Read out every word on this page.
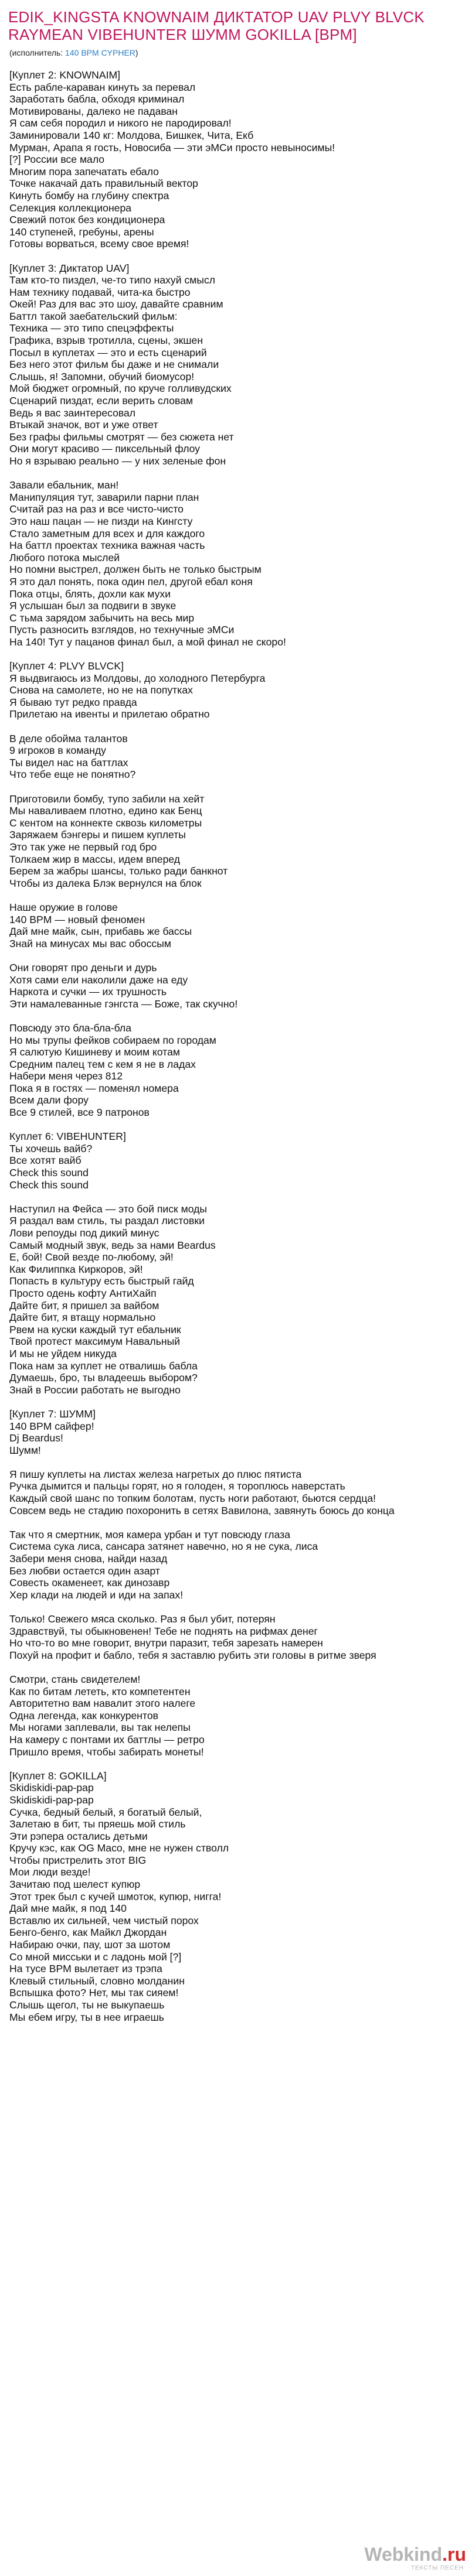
EDIK_KINGSTA KNOWNAIM ДИКТАТОР UAV PLVY BLVCK RAYMEAN VIBEHUNTER ШУММ GOKILLA [BPM]
(исполнитель: 140 BPM CYPHER)
[Куплет 2: KNOWNAIM]
Есть рабле-караван кинуть за перевал
Заработать бабла, обходя криминал
Мотивированы, далеко не падаван
Я сам себя породил и никого не пародировал!
Заминировали 140 кг: Молдова, Бишкек, Чита, Екб
Мурман, Арапа я гость, Новосиба — эти эМСи просто невыносимы!
[?] России все мало
Многим пора запечатать ебало
Точке накачай дать правильный вектор
Кинуть бомбу на глубину спектра
Селекция коллекционера
Свежий поток без кондиционера
140 ступеней, гребуны, арены
Готовы ворваться, всему свое время!
[Куплет 3: Диктатор UAV]
Там кто-то пиздел, че-то типо нахуй смысл
Нам технику подавай, чита-ка быстро
Окей! Раз для вас это шоу, давайте сравним
Баттл такой заебательский фильм:
Техника — это типо спецэффекты
Графика, взрыв тротилла, сцены, экшен
Посыл в куплетах — это и есть сценарий
Без него этот фильм бы даже и не снимали
Слышь, я! Запомни, обучий биомусор!
Мой бюджет огромный, по круче голливудских
Сценарий пиздат, если верить словам
Ведь я вас заинтересовал
Втыкай значок, вот и уже ответ
Без графы фильмы смотрят — без сюжета нет
Они могут красиво — пиксельный флоу
Но я взрываю реально — у них зеленые фон
Завали ебальник, ман!
Манипуляция тут, заварили парни план
Считай раз на раз и все чисто-чисто
Это наш пацан — не пизди на Кингсту
Стало заметным для всех и для каждого
На баттл проектах техника важная часть
Любого потока мыслей
Но помни выстрел, должен быть не только быстрым
Я это дал понять, пока один пел, другой ебал коня
Пока отцы, блять, дохли как мухи
Я услышан был за подвиги в звуке
С тьма зарядом забычить на весь мир
Пусть разносить взглядов, но технучные эМСи
На 140! Тут у пацанов финал был, а мой финал не скоро!
[Куплет 4: PLVY BLVCK]
Я выдвигаюсь из Молдовы, до холодного Петербурга
Снова на самолете, но не на попутках
Я бываю тут редко правда
Прилетаю на ивенты и прилетаю обратно
В деле обойма талантов
9 игроков в команду
Ты видел нас на баттлах
Что тебе еще не понятно?
Приготовили бомбу, тупо забили на хейт
Мы наваливаем плотно, едино как Бенц
С кентом на коннекте сквозь километры
Заряжаем бэнгеры и пишем куплеты
Это так уже не первый год бро
Толкаем жир в массы, идем вперед
Берем за жабры шансы, только ради банкнот
Чтобы из далека Блэк вернулся на блок
Наше оружие в голове
140 BPM — новый феномен
Дай мне майк, сын, прибавь же бассы
Знай на минусах мы вас обоссым
Они говорят про деньги и дурь
Хотя сами ели наколили даже на еду
Наркота и сучки — их трушность
Эти намалеванные гэнгста — Боже, так скучно!
Повсюду это бла-бла-бла
Но мы трупы фейков собираем по городам
Я салютую Кишиневу и моим котам
Средним палец тем с кем я не в ладах
Набери меня через 812
Пока я в гостях — поменял номера
Всем дали фору
Все 9 стилей, все 9 патронов
Куплет 6: VIBEHUNTER]
Ты хочешь вайб?
Все хотят вайб
Check this sound
Check this sound
Наступил на Фейса — это бой писк моды
Я раздал вам стиль, ты раздал листовки
Лови репоуды под дикий минус
Самый модный звук, ведь за нами Beardus
Е, бой! Свой везде по-любому, эй!
Как Филиппка Киркоров, эй!
Попасть в культуру есть быстрый гайд
Просто одень кофту АнтиХайп
Дайте бит, я пришел за вайбом
Дайте бит, я втащу нормально
Рвем на куски каждый тут ебальник
Твой протест максимум Навальный
И мы не уйдем никуда
Пока нам за куплет не отвалишь бабла
Думаешь, бро, ты владеешь выбором?
Знай в России работать не выгодно
[Куплет 7: ШУММ]
140 BPM сайфер!
Dj Beardus!
Шумм!
Я пишу куплеты на листах железа нагретых до плюс пятиста
Ручка дымится и пальцы горят, но я голоден, я тороплюсь наверстать
Каждый свой шанс по топким болотам, пусть ноги работают, бьются сердца!
Совсем ведь не стадию похоронить в сетях Вавилона, завянуть боюсь до конца
Так что я смертник, моя камера урбан и тут повсюду глаза
Система сука лиса, сансара затянет навечно, но я не сука, лиса
Забери меня снова, найди назад
Без любви остается один азарт
Совесть окаменеет, как динозавр
Хер клади на людей и иди на запах!
Только! Свежего мяса сколько. Раз я был убит, потерян
Здравствуй, ты обыкновенен! Тебе не поднять на рифмах денег
Но что-то во мне говорит, внутри паразит, тебя зарезать намерен
Похуй на профит и бабло, тебя я заставлю рубить эти головы в ритме зверя
Смотри, стань свидетелем!
Как по битам лететь, кто компетентен
Авторитетно вам навалит этого налеге
Одна легенда, как конкурентов
Мы ногами заплевали, вы так нелепы
На камеру с понтами их баттлы — ретро
Пришло время, чтобы забирать монеты!
[Куплет 8: GOKILLA]
Skidiskidi-pap-pap
Skidiskidi-pap-pap
Сучка, бедный белый, я богатый белый,
Залетаю в бит, ты пряешь мой стиль
Эти рэпера остались детьми
Кручу кэс, как OG Maco, мне не нужен стволл
Чтобы пристрелить этот BIG
Мои люди везде!
Зачитаю под шелест купюр
Этот трек был с кучей шмоток, купюр, нигга!
Дай мне майк, я под 140
Вставлю их сильней, чем чистый порох
Бенго-бенго, как Майкл Джордан
Набираю очки, пау, шот за шотом
Со мной мисськи и с ладонь мой [?]
На тусе BPM вылетает из трэпа
Клевый стильный, словно молданин
Вспышка фото? Нет, мы так сияем!
Слышь щегол, ты не выкупаешь
Мы ебем игру, ты в нее играешь
Webkind.ru
ТЕКСТЫ ПЕСЕН
